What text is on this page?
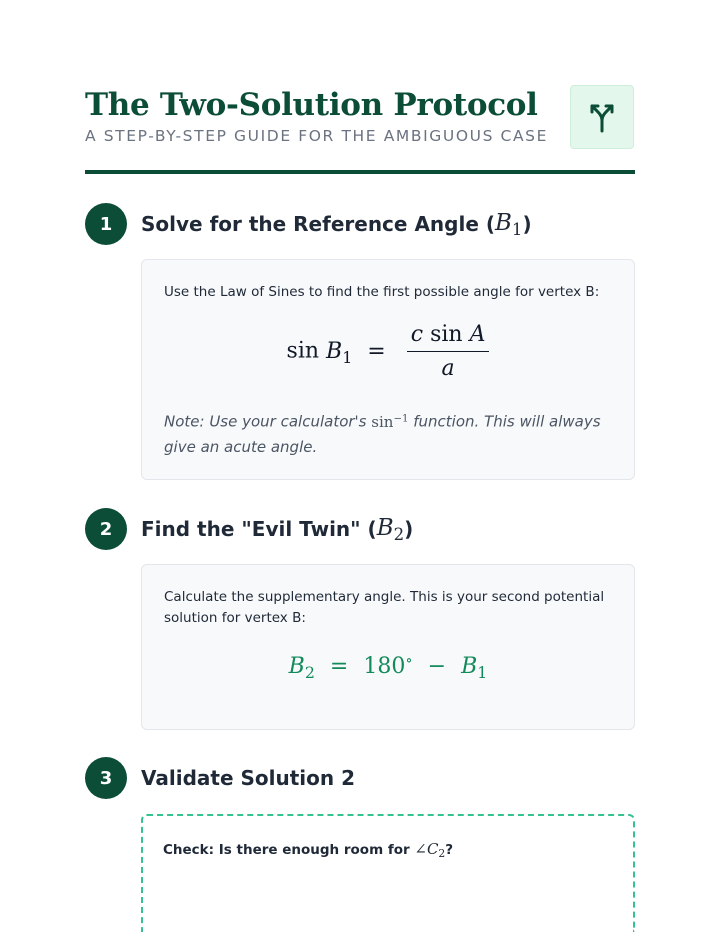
The Two-Solution Protocol
A STEP-BY-STEP GUIDE FOR THE AMBIGUOUS CASE
1	Solve for the Reference Angle ( $B_1$ )
Use the Law of Sines to find the first possible angle for vertex B:
$\sin B_1 = \frac{\text{c sin A}}{a}$
Note: Use your calculator's $\sin^{-1}$ function. This will always give an acute angle.
2	Find the "Evil Twin" ( $B_2$ )
Calculate the supplementary angle. This is your second potential solution for vertex B:
$B_2 = 180^\circ - B_1$
3	Validate Solution 2
Check: Is there enough room for $\angle C_2$?
